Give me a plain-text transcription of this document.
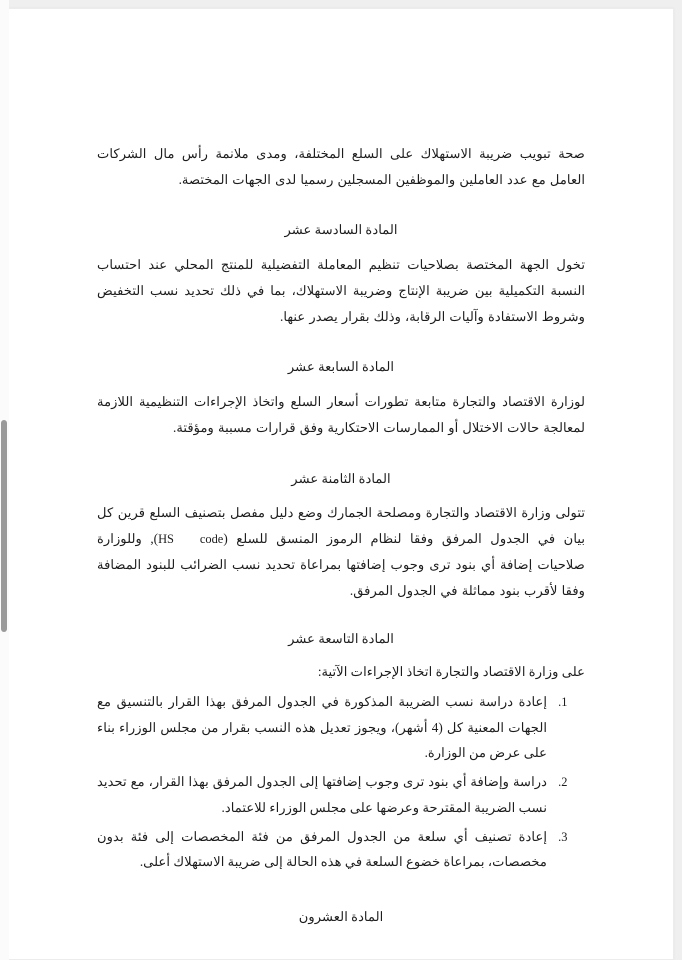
صحة تبويب ضريبة الاستهلاك على السلع المختلفة، ومدى ملانمة رأس مال الشركات العامل مع عدد العاملين والموظفين المسجلين رسميا لدى الجهات المختصة.

المادة السادسة عشر

تخول الجهة المختصة بصلاحيات تنظيم المعاملة التفضيلية للمنتج المحلي عند احتساب النسبة التكميلية بين ضريبة الإنتاج وضريبة الاستهلاك، بما في ذلك تحديد نسب التخفيض وشروط الاستفادة وآليات الرقابة، وذلك بقرار يصدر عنها.

المادة السابعة عشر

لوزارة الاقتصاد والتجارة متابعة تطورات أسعار السلع واتخاذ الإجراءات التنظيمية اللازمة لمعالجة حالات الاختلال أو الممارسات الاحتكارية وفق قرارات مسببة ومؤقتة.

المادة الثامنة عشر

تتولى وزارة الاقتصاد والتجارة ومصلحة الجمارك وضع دليل مفصل بتصنيف السلع قرين كل بيان في الجدول المرفق وفقا لنظام الرموز المنسق للسلع (codeHS), وللوزارة صلاحيات إضافة أي بنود ترى وجوب إضافتها بمراعاة تحديد نسب الضرائب للبنود المضافة وفقا لأقرب بنود مماثلة في الجدول المرفق.

المادة التاسعة عشر

على وزارة الاقتصاد والتجارة اتخاذ الإجراءات الآتية:

1. إعادة دراسة نسب الضريبة المذكورة في الجدول المرفق بهذا القرار بالتنسيق مع الجهات المعنية كل (4 أشهر)، ويجوز تعديل هذه النسب بقرار من مجلس الوزراء بناء على عرض من الوزارة.
2. دراسة وإضافة أي بنود ترى وجوب إضافتها إلى الجدول المرفق بهذا القرار، مع تحديد نسب الضريبة المقترحة وعرضها على مجلس الوزراء للاعتماد.
3. إعادة تصنيف أي سلعة من الجدول المرفق من فئة المخصصات إلى فئة بدون مخصصات، بمراعاة خضوع السلعة في هذه الحالة إلى ضريبة الاستهلاك أعلى.
المادة العشرون
